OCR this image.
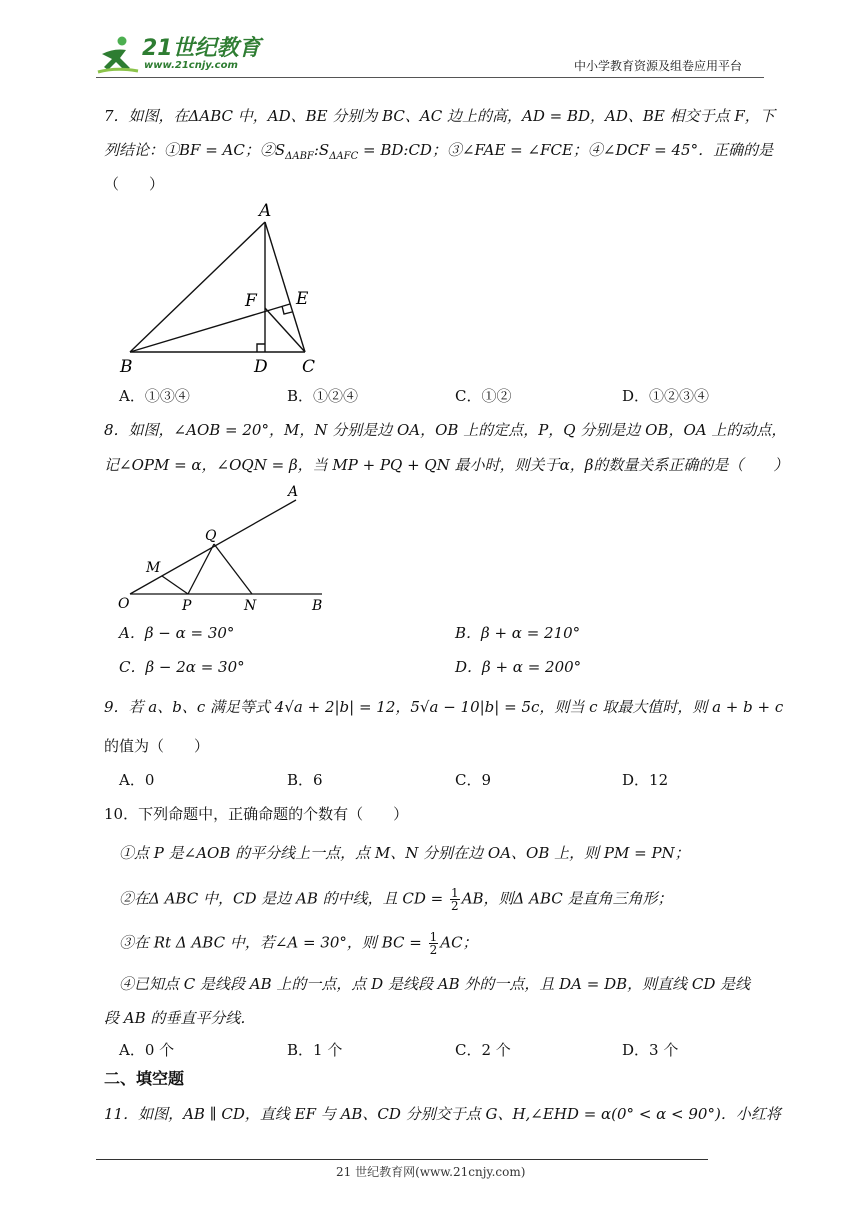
21世纪教育
www.21cnjy.com	中小学教育资源及组卷应用平台
7．如图，在ΔABC 中，AD、BE 分别为 BC、AC 边上的高，AD = BD，AD、BE 相交于点 F，下
列结论：①BF = AC；$②S_{\Delta ABF}:S_{\Delta AFC}$ = BD:CD；③∠FAE = ∠FCE；④∠DCF = 45°．正确的是
（　　）
A
E
F
B	D C
A．①③④	B．①②④	C．①②	D．①②③④
8．如图，∠AOB = 20°，M，N 分别是边 OA，OB 上的定点，P，Q 分别是边 OB，OA 上的动点，
记∠OPM = α，∠OQN = β，当 MP + PQ + QN 最小时，则关于α，β的数量关系正确的是（　　）
A
Q
M
O	P	N	B
A．β − α = 30°	B．β + α = 210°
C．β − 2α = 30°	D．β + α = 200°
9．若 a、b、c 满足等式 4√a + 2|b| = 12，5√a − 10|b| = 5c，则当 c 取最大值时，则 a + b + c
的值为（　　）
A．0	B．6	C．9	D．12
10．下列命题中，正确命题的个数有（　　）
①点 P 是∠AOB 的平分线上一点，点 M、N 分别在边 OA、OB 上，则 PM = PN；
②在Δ ABC 中，CD 是边 AB 的中线，且 CD = $\frac{1}{2}$ AB，则Δ ABC 是直角三角形；
③在 Rt Δ ABC 中，若∠A = 30°，则 BC = $\frac{1}{2}$ AC；
④已知点 C 是线段 AB 上的一点，点 D 是线段 AB 外的一点，且 DA = DB，则直线 CD 是线
段 AB 的垂直平分线．
A．0 个	B．1 个	C．2 个	D．3 个
二、填空题
11．如图，AB ∥ CD，直线 EF 与 AB、CD 分别交于点 G、H,∠EHD = α(0° < α < 90°)．小红将
21 世纪教育网(www.21cnjy.com)
